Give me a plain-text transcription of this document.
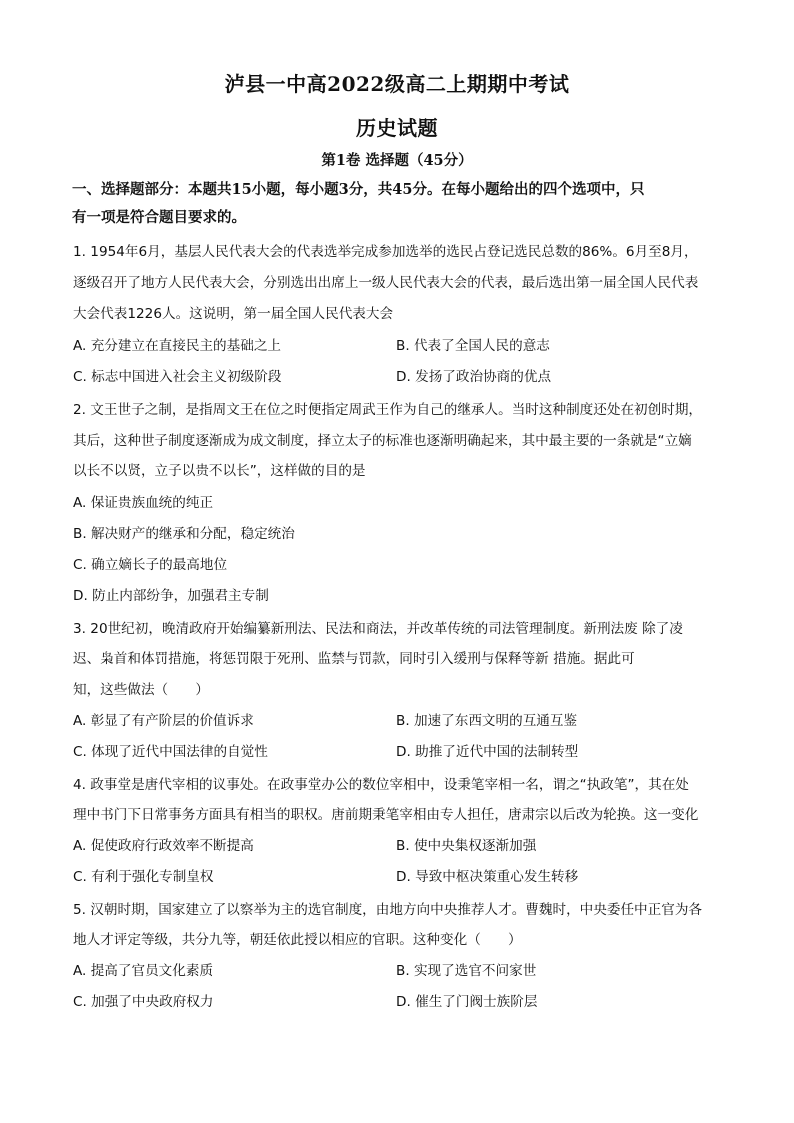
泸县一中高2022级高二上期期中考试
历史试题
第1卷 选择题（45分）
一、选择题部分：本题共15小题，每小题3分，共45分。在每小题给出的四个选项中，只
有一项是符合题目要求的。
1. 1954年6月，基层人民代表大会的代表选举完成参加选举的选民占登记选民总数的86%。6月至8月，
逐级召开了地方人民代表大会，分别选出出席上一级人民代表大会的代表，最后选出第一届全国人民代表
大会代表1226人。这说明，第一届全国人民代表大会
A. 充分建立在直接民主的基础之上	B. 代表了全国人民的意志
C. 标志中国进入社会主义初级阶段	D. 发扬了政治协商的优点
2. 文王世子之制，是指周文王在位之时便指定周武王作为自己的继承人。当时这种制度还处在初创时期，
其后，这种世子制度逐渐成为成文制度，择立太子的标准也逐渐明确起来，其中最主要的一条就是“立嫡
以长不以贤，立子以贵不以长”，这样做的目的是
A. 保证贵族血统的纯正
B. 解决财产的继承和分配，稳定统治
C. 确立嫡长子的最高地位
D. 防止内部纷争，加强君主专制
3. 20世纪初，晚清政府开始编纂新刑法、民法和商法，并改革传统的司法管理制度。新刑法废 除了凌
迟、枭首和体罚措施，将惩罚限于死刑、监禁与罚款，同时引入缓刑与保释等新 措施。据此可
知，这些做法（　　）
A. 彰显了有产阶层的价值诉求	B. 加速了东西文明的互通互鉴
C. 体现了近代中国法律的自觉性	D. 助推了近代中国的法制转型
4. 政事堂是唐代宰相的议事处。在政事堂办公的数位宰相中，设秉笔宰相一名，谓之“执政笔”，其在处
理中书门下日常事务方面具有相当的职权。唐前期秉笔宰相由专人担任，唐肃宗以后改为轮换。这一变化
A. 促使政府行政效率不断提高	B. 使中央集权逐渐加强
C. 有利于强化专制皇权	D. 导致中枢决策重心发生转移
5. 汉朝时期，国家建立了以察举为主的选官制度，由地方向中央推荐人才。曹魏时，中央委任中正官为各
地人才评定等级，共分九等，朝廷依此授以相应的官职。这种变化（　　）
A. 提高了官员文化素质	B. 实现了选官不问家世
C. 加强了中央政府权力	D. 催生了门阀士族阶层
